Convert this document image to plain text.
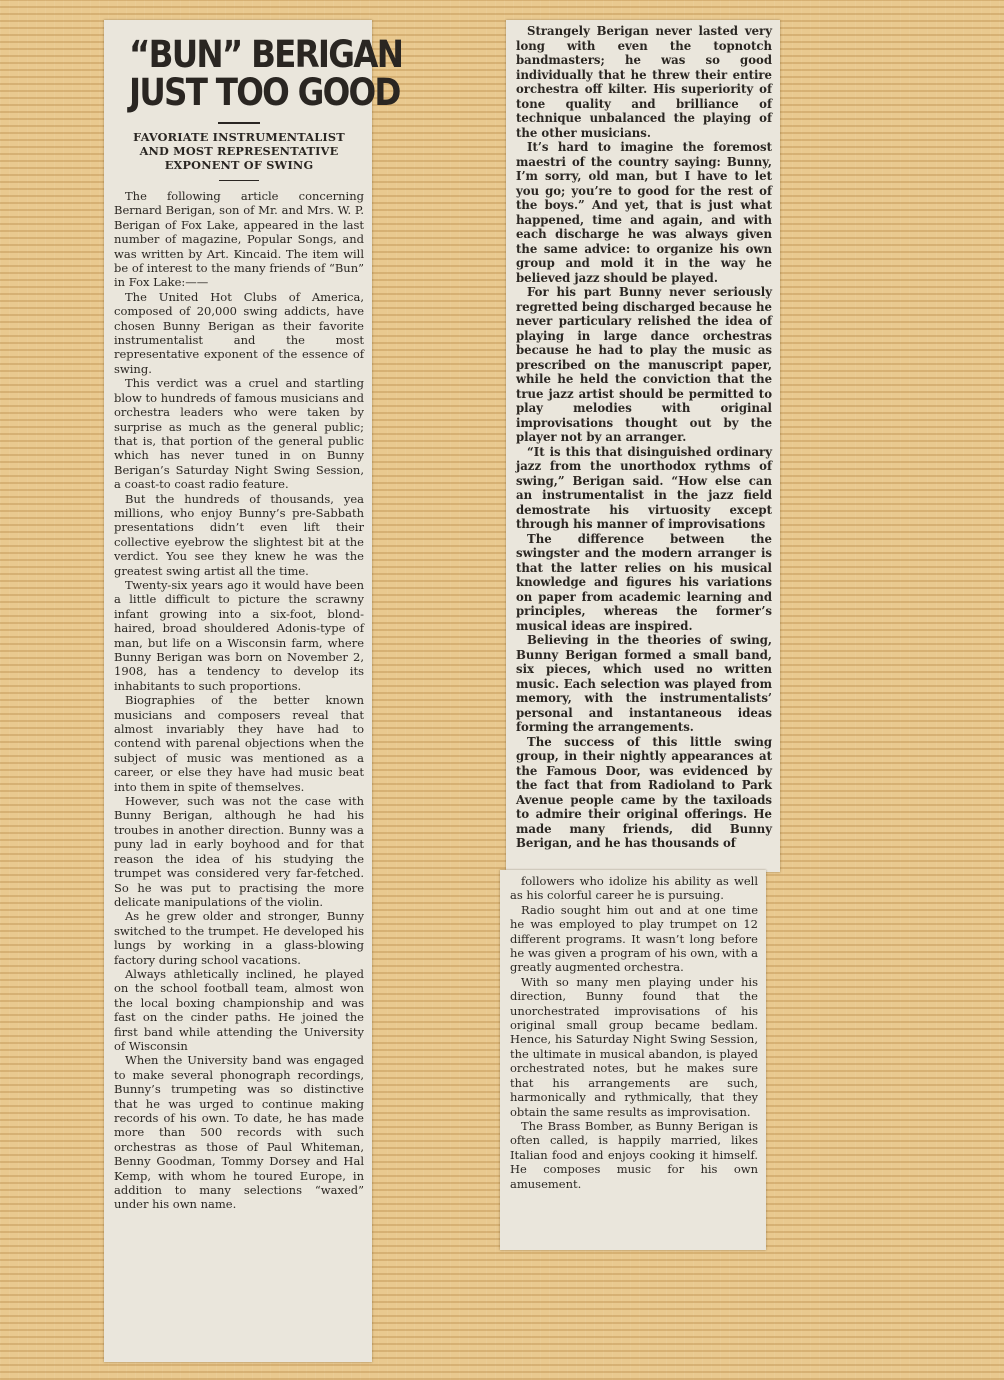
“BUN” BERIGAN
JUST TOO GOOD
FAVORIATE INSTRUMENTALIST
AND MOST REPRESENTATIVE
EXPONENT OF SWING

The following article concerning Bernard Berigan, son of Mr. and Mrs. W. P. Berigan of Fox Lake, appeared in the last number of magazine, Popular Songs, and was written by Art. Kincaid. The item will be of interest to the many friends of “Bun” in Fox Lake:——

The United Hot Clubs of America, composed of 20,000 swing addicts, have chosen Bunny Berigan as their favorite instrumentalist and the most representative exponent of the essence of swing.

This verdict was a cruel and startling blow to hundreds of famous musicians and orchestra leaders who were taken by surprise as much as the general public; that is, that portion of the general public which has never tuned in on Bunny Berigan’s Saturday Night Swing Session, a coast-to coast radio feature.

But the hundreds of thousands, yea millions, who enjoy Bunny’s pre-Sabbath presentations didn’t even lift their collective eyebrow the slightest bit at the verdict. You see they knew he was the greatest swing artist all the time.

Twenty-six years ago it would have been a little difficult to picture the scrawny infant growing into a six-foot, blond-haired, broad shouldered Adonis-type of man, but life on a Wisconsin farm, where Bunny Berigan was born on November 2, 1908, has a tendency to develop its inhabitants to such proportions.

Biographies of the better known musicians and composers reveal that almost invariably they have had to contend with parenal objections when the subject of music was mentioned as a career, or else they have had music beat into them in spite of themselves.

However, such was not the case with Bunny Berigan, although he had his troubes in another direction. Bunny was a puny lad in early boyhood and for that reason the idea of his studying the trumpet was considered very far-fetched. So he was put to practising the more delicate manipulations of the violin.

As he grew older and stronger, Bunny switched to the trumpet. He developed his lungs by working in a glass-blowing factory during school vacations.

Always athletically inclined, he played on the school football team, almost won the local boxing championship and was fast on the cinder paths. He joined the first band while attending the University of Wisconsin

When the University band was engaged to make several phonograph recordings, Bunny’s trumpeting was so distinctive that he was urged to continue making records of his own. To date, he has made more than 500 records with such orchestras as those of Paul Whiteman, Benny Goodman, Tommy Dorsey and Hal Kemp, with whom he toured Europe, in addition to many selections “waxed” under his own name.

Strangely Berigan never lasted very long with even the topnotch bandmasters; he was so good individually that he threw their entire orchestra off kilter. His superiority of tone quality and brilliance of technique unbalanced the playing of the other musicians.

It’s hard to imagine the foremost maestri of the country saying: Bunny, I’m sorry, old man, but I have to let you go; you’re to good for the rest of the boys.” And yet, that is just what happened, time and again, and with each discharge he was always given the same advice: to organize his own group and mold it in the way he believed jazz should be played.

For his part Bunny never seriously regretted being discharged because he never particulary relished the idea of playing in large dance orchestras because he had to play the music as prescribed on the manuscript paper, while he held the conviction that the true jazz artist should be permitted to play melodies with original improvisations thought out by the player not by an arranger.

“It is this that disinguished ordinary jazz from the unorthodox rythms of swing,” Berigan said. “How else can an instrumentalist in the jazz field demostrate his virtuosity except through his manner of improvisations

The difference between the swingster and the modern arranger is that the latter relies on his musical knowledge and figures his variations on paper from academic learning and principles, whereas the former’s musical ideas are inspired.

Believing in the theories of swing, Bunny Berigan formed a small band, six pieces, which used no written music. Each selection was played from memory, with the instrumentalists’ personal and instantaneous ideas forming the arrangements.

The success of this little swing group, in their nightly appearances at the Famous Door, was evidenced by the fact that from Radioland to Park Avenue people came by the taxiloads to admire their original offerings. He made many friends, did Bunny Berigan, and he has thousands of

followers who idolize his ability as well as his colorful career he is pursuing.

Radio sought him out and at one time he was employed to play trumpet on 12 different programs. It wasn’t long before he was given a program of his own, with a greatly augmented orchestra.

With so many men playing under his direction, Bunny found that the unorchestrated improvisations of his original small group became bedlam. Hence, his Saturday Night Swing Session, the ultimate in musical abandon, is played orchestrated notes, but he makes sure that his arrangements are such, harmonically and rythmically, that they obtain the same results as improvisation.

The Brass Bomber, as Bunny Berigan is often called, is happily married, likes Italian food and enjoys cooking it himself. He composes music for his own amusement.
